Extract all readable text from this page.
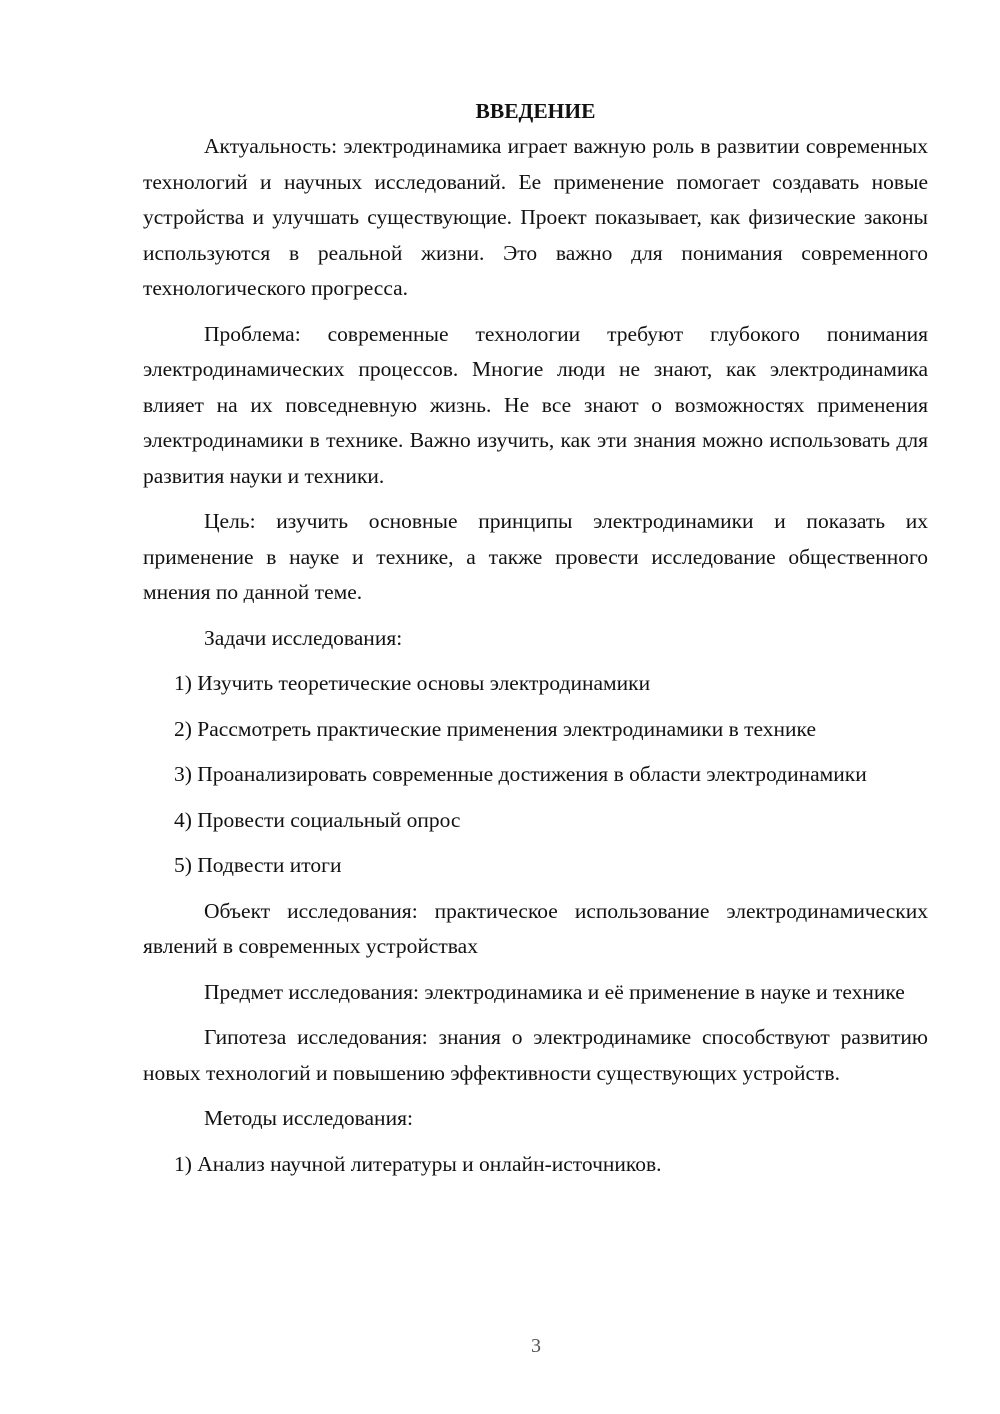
ВВЕДЕНИЕ

Актуальность: электродинамика играет важную роль в развитии современных технологий и научных исследований. Ее применение помогает создавать новые устройства и улучшать существующие. Проект показывает, как физические законы используются в реальной жизни. Это важно для понимания современного технологического прогресса.

Проблема: современные технологии требуют глубокого понимания электродинамических процессов. Многие люди не знают, как электродинамика влияет на их повседневную жизнь. Не все знают о возможностях применения электродинамики в технике. Важно изучить, как эти знания можно использовать для развития науки и техники.

Цель: изучить основные принципы электродинамики и показать их применение в науке и технике, а также провести исследование общественного мнения по данной теме.

Задачи исследования:

1) Изучить теоретические основы электродинамики

2) Рассмотреть практические применения электродинамики в технике

3) Проанализировать современные достижения в области электродинамики

4) Провести социальный опрос

5) Подвести итоги

Объект исследования: практическое использование электродинамических явлений в современных устройствах

Предмет исследования: электродинамика и её применение в науке и технике

Гипотеза исследования: знания о электродинамике способствуют развитию новых технологий и повышению эффективности существующих устройств.

Методы исследования:

1) Анализ научной литературы и онлайн-источников.

3
